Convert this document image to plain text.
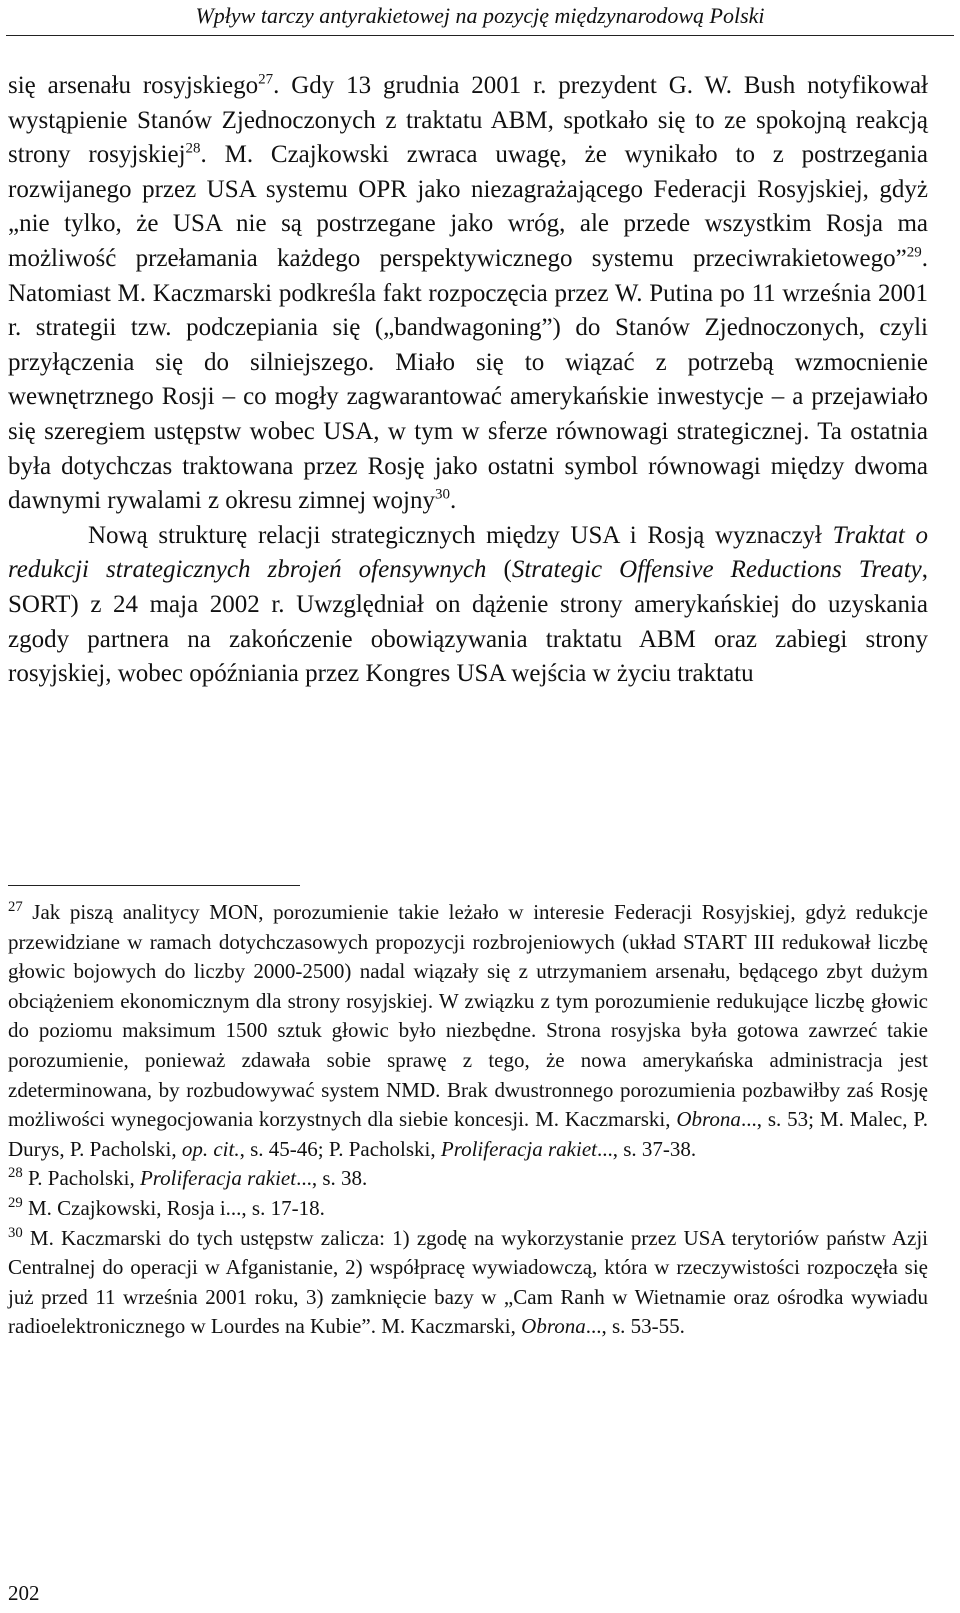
Wpływ tarczy antyrakietowej na pozycję międzynarodową Polski

się arsenału rosyjskiego$^{27}$. Gdy 13 grudnia 2001 r. prezydent G. W. Bush notyfikował wystąpienie Stanów Zjednoczonych z traktatu ABM, spotkało się to ze spokojną reakcją strony rosyjskiej$^{28}$. M. Czajkowski zwraca uwagę, że wynikało to z postrzegania rozwijanego przez USA systemu OPR jako niezagrażającego Federacji Rosyjskiej, gdyż „nie tylko, że USA nie są postrzegane jako wróg, ale przede wszystkim Rosja ma możliwość przełamania każdego perspektywicznego systemu przeciwrakietowego”$^{29}$. Natomiast M. Kaczmarski podkreśla fakt rozpoczęcia przez W. Putina po 11 września 2001 r. strategii tzw. podczepiania się („bandwagoning”) do Stanów Zjednoczonych, czyli przyłączenia się do silniejszego. Miało się to wiązać z potrzebą wzmocnienie wewnętrznego Rosji – co mogły zagwarantować amerykańskie inwestycje – a przejawiało się szeregiem ustępstw wobec USA, w tym w sferze równowagi strategicznej. Ta ostatnia była dotychczas traktowana przez Rosję jako ostatni symbol równowagi między dwoma dawnymi rywalami z okresu zimnej wojny$^{30}$.

Nową strukturę relacji strategicznych między USA i Rosją wyznaczył Traktat o redukcji strategicznych zbrojeń ofensywnych (Strategic Offensive Reductions Treaty, SORT) z 24 maja 2002 r. Uwzględniał on dążenie strony amerykańskiej do uzyskania zgody partnera na zakończenie obowiązywania traktatu ABM oraz zabiegi strony rosyjskiej, wobec opóźniania przez Kongres USA wejścia w życiu traktatu

$^{27}$ Jak piszą analitycy MON, porozumienie takie leżało w interesie Federacji Rosyjskiej, gdyż redukcje przewidziane w ramach dotychczasowych propozycji rozbrojeniowych (układ START III redukował liczbę głowic bojowych do liczby 2000-2500) nadal wiązały się z utrzymaniem arsenału, będącego zbyt dużym obciążeniem ekonomicznym dla strony rosyjskiej. W związku z tym porozumienie redukujące liczbę głowic do poziomu maksimum 1500 sztuk głowic było niezbędne. Strona rosyjska była gotowa zawrzeć takie porozumienie, ponieważ zdawała sobie sprawę z tego, że nowa amerykańska administracja jest zdeterminowana, by rozbudowywać system NMD. Brak dwustronnego porozumienia pozbawiłby zaś Rosję możliwości wynegocjowania korzystnych dla siebie koncesji. M. Kaczmarski, Obrona..., s. 53; M. Malec, P. Durys, P. Pacholski, op. cit., s. 45-46; P. Pacholski, Proliferacja rakiet..., s. 37-38.

$^{28}$ P. Pacholski, Proliferacja rakiet..., s. 38.

$^{29}$ M. Czajkowski, Rosja i..., s. 17-18.

$^{30}$ M. Kaczmarski do tych ustępstw zalicza: 1) zgodę na wykorzystanie przez USA terytoriów państw Azji Centralnej do operacji w Afganistanie, 2) współpracę wywiadowczą, która w rzeczywistości rozpoczęła się już przed 11 września 2001 roku, 3) zamknięcie bazy w „Cam Ranh w Wietnamie oraz ośrodka wywiadu radioelektronicznego w Lourdes na Kubie”. M. Kaczmarski, Obrona..., s. 53-55.

202
